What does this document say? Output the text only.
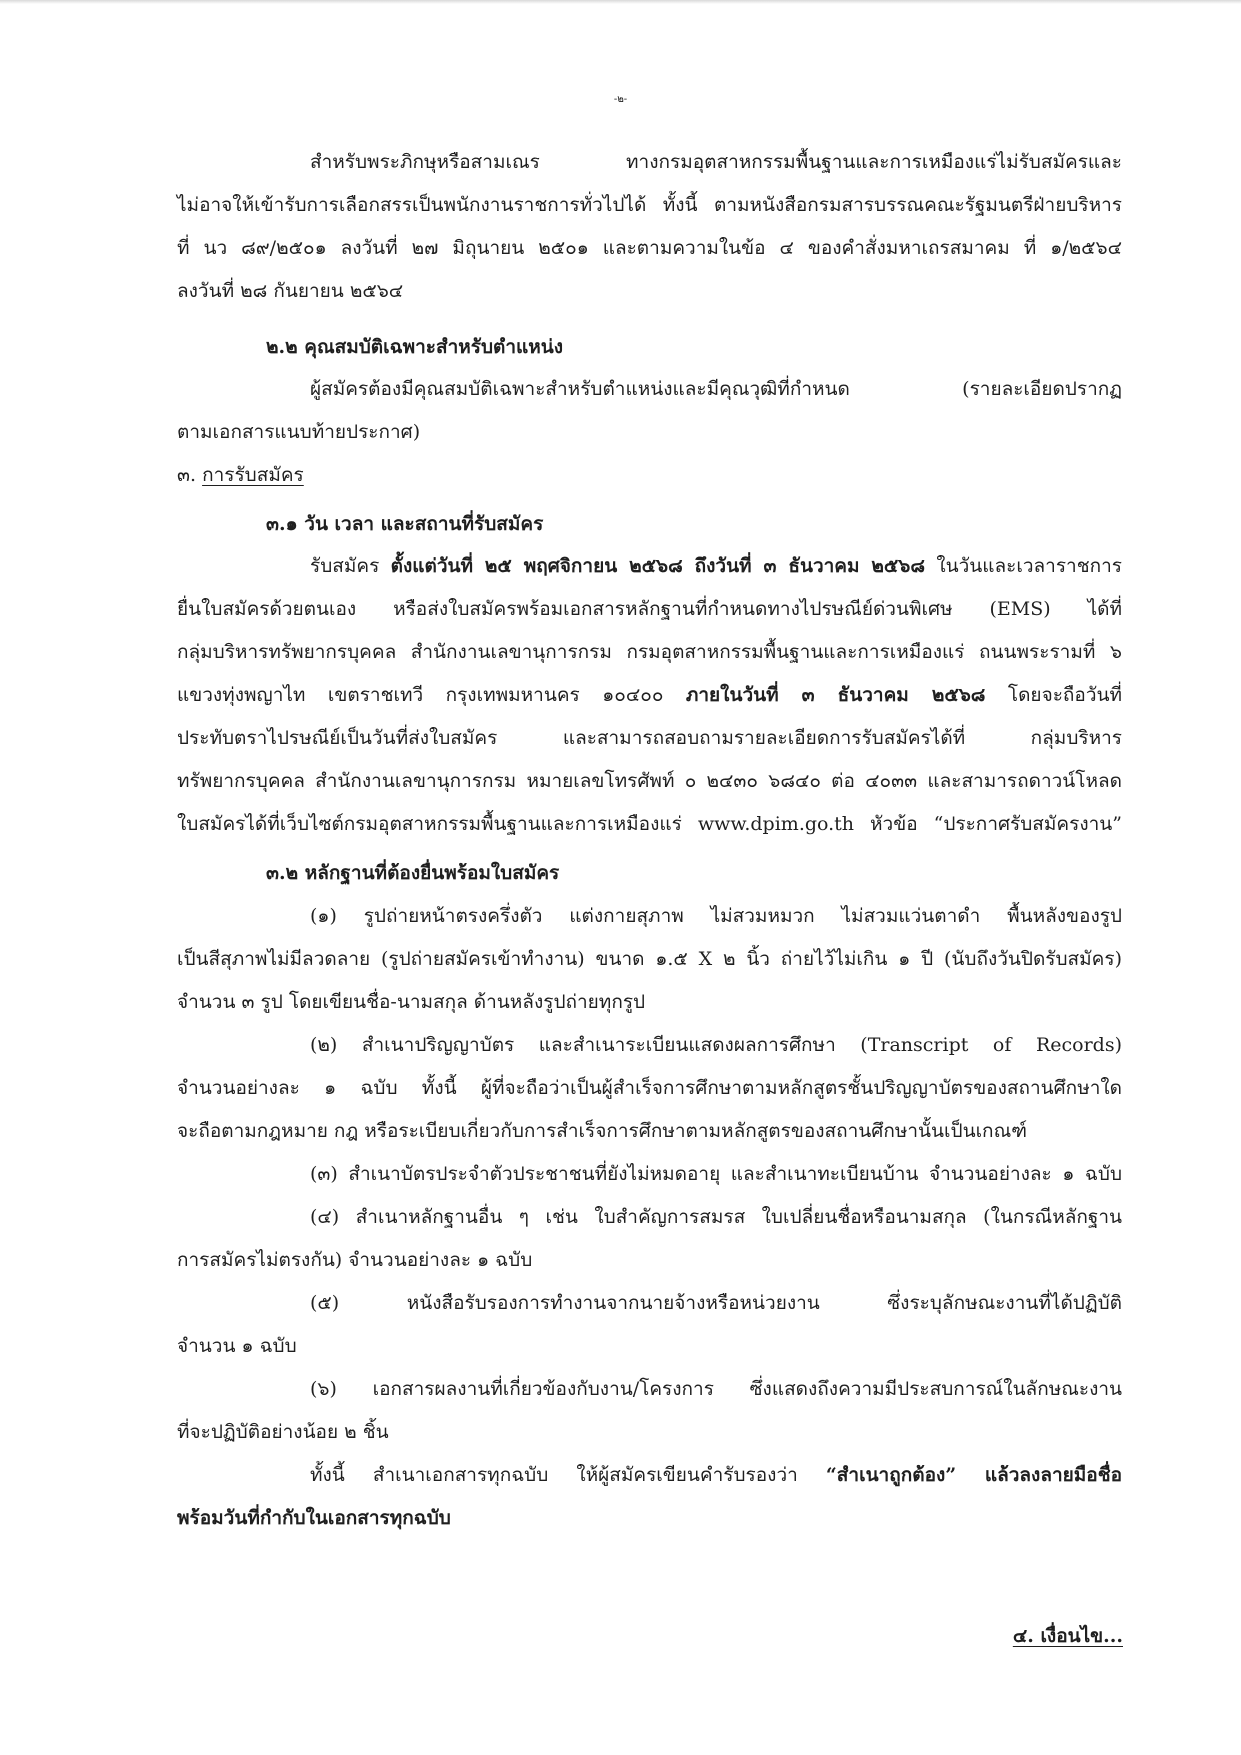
-๒-
สำหรับพระภิกษุหรือสามเณร ทางกรมอุตสาหกรรมพื้นฐานและการเหมืองแร่ไม่รับสมัครและ
ไม่อาจให้เข้ารับการเลือกสรรเป็นพนักงานราชการทั่วไปได้ ทั้งนี้ ตามหนังสือกรมสารบรรณคณะรัฐมนตรีฝ่ายบริหาร
ที่ นว ๘๙/๒๕๐๑ ลงวันที่ ๒๗ มิถุนายน ๒๕๐๑ และตามความในข้อ ๔ ของคำสั่งมหาเถรสมาคม ที่ ๑/๒๕๖๔
ลงวันที่ ๒๘ กันยายน ๒๕๖๔
๒.๒ คุณสมบัติเฉพาะสำหรับตำแหน่ง
ผู้สมัครต้องมีคุณสมบัติเฉพาะสำหรับตำแหน่งและมีคุณวุฒิที่กำหนด (รายละเอียดปรากฏ
ตามเอกสารแนบท้ายประกาศ)
๓. การรับสมัคร
๓.๑ วัน เวลา และสถานที่รับสมัคร
รับสมัคร ตั้งแต่วันที่ ๒๕ พฤศจิกายน ๒๕๖๘ ถึงวันที่ ๓ ธันวาคม ๒๕๖๘ ในวันและเวลาราชการ
ยื่นใบสมัครด้วยตนเอง หรือส่งใบสมัครพร้อมเอกสารหลักฐานที่กำหนดทางไปรษณีย์ด่วนพิเศษ (EMS) ได้ที่
กลุ่มบริหารทรัพยากรบุคคล สำนักงานเลขานุการกรม กรมอุตสาหกรรมพื้นฐานและการเหมืองแร่ ถนนพระรามที่ ๖
แขวงทุ่งพญาไท เขตราชเทวี กรุงเทพมหานคร ๑๐๔๐๐ ภายในวันที่ ๓ ธันวาคม ๒๕๖๘ โดยจะถือวันที่
ประทับตราไปรษณีย์เป็นวันที่ส่งใบสมัคร และสามารถสอบถามรายละเอียดการรับสมัครได้ที่ กลุ่มบริหาร
ทรัพยากรบุคคล สำนักงานเลขานุการกรม หมายเลขโทรศัพท์ ๐ ๒๔๓๐ ๖๘๔๐ ต่อ ๔๐๓๓ และสามารถดาวน์โหลด
ใบสมัครได้ที่เว็บไซต์กรมอุตสาหกรรมพื้นฐานและการเหมืองแร่ www.dpim.go.th หัวข้อ “ประกาศรับสมัครงาน”
๓.๒ หลักฐานที่ต้องยื่นพร้อมใบสมัคร
(๑) รูปถ่ายหน้าตรงครึ่งตัว แต่งกายสุภาพ ไม่สวมหมวก ไม่สวมแว่นตาดำ พื้นหลังของรูป
เป็นสีสุภาพไม่มีลวดลาย (รูปถ่ายสมัครเข้าทำงาน) ขนาด ๑.๕ X ๒ นิ้ว ถ่ายไว้ไม่เกิน ๑ ปี (นับถึงวันปิดรับสมัคร)
จำนวน ๓ รูป โดยเขียนชื่อ-นามสกุล ด้านหลังรูปถ่ายทุกรูป
(๒) สำเนาปริญญาบัตร และสำเนาระเบียนแสดงผลการศึกษา (Transcript of Records)
จำนวนอย่างละ ๑ ฉบับ ทั้งนี้ ผู้ที่จะถือว่าเป็นผู้สำเร็จการศึกษาตามหลักสูตรชั้นปริญญาบัตรของสถานศึกษาใด
จะถือตามกฎหมาย กฎ หรือระเบียบเกี่ยวกับการสำเร็จการศึกษาตามหลักสูตรของสถานศึกษานั้นเป็นเกณฑ์
(๓) สำเนาบัตรประจำตัวประชาชนที่ยังไม่หมดอายุ และสำเนาทะเบียนบ้าน จำนวนอย่างละ ๑ ฉบับ
(๔) สำเนาหลักฐานอื่น ๆ เช่น ใบสำคัญการสมรส ใบเปลี่ยนชื่อหรือนามสกุล (ในกรณีหลักฐาน
การสมัครไม่ตรงกัน) จำนวนอย่างละ ๑ ฉบับ
(๕) หนังสือรับรองการทำงานจากนายจ้างหรือหน่วยงาน ซึ่งระบุลักษณะงานที่ได้ปฏิบัติ
จำนวน ๑ ฉบับ
(๖) เอกสารผลงานที่เกี่ยวข้องกับงาน/โครงการ ซึ่งแสดงถึงความมีประสบการณ์ในลักษณะงาน
ที่จะปฏิบัติอย่างน้อย ๒ ชิ้น
ทั้งนี้ สำเนาเอกสารทุกฉบับ ให้ผู้สมัครเขียนคำรับรองว่า “สำเนาถูกต้อง” แล้วลงลายมือชื่อ
พร้อมวันที่กำกับในเอกสารทุกฉบับ
๔. เงื่อนไข...
